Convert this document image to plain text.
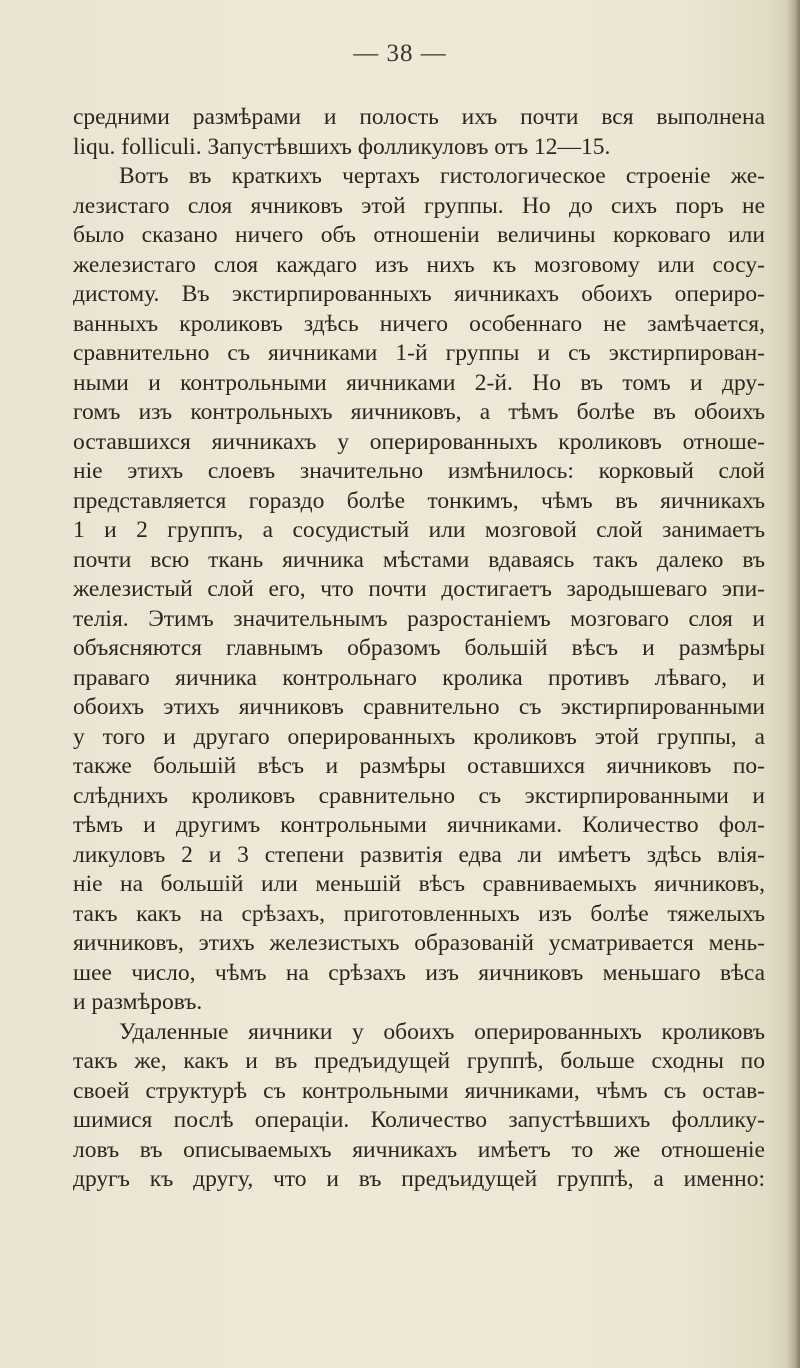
— 38 —
средними размѣрами и полость ихъ почти вся выполнена
liqu. folliculi. Запустѣвшихъ фолликуловъ отъ 12—15.
Вотъ въ краткихъ чертахъ гистологическое строеніе же-
лезистаго слоя ячниковъ этой группы. Но до сихъ поръ не
было сказано ничего объ отношеніи величины корковаго или
железистаго слоя каждаго изъ нихъ къ мозговому или сосу-
дистому. Въ экстирпированныхъ яичникахъ обоихъ опериро-
ванныхъ кроликовъ здѣсь ничего особеннаго не замѣчается,
сравнительно съ яичниками 1-й группы и съ экстирпирован-
ными и контрольными яичниками 2-й. Но въ томъ и дру-
гомъ изъ контрольныхъ яичниковъ, а тѣмъ болѣе въ обоихъ
оставшихся яичникахъ у оперированныхъ кроликовъ отноше-
ніе этихъ слоевъ значительно измѣнилось: корковый слой
представляется гораздо болѣе тонкимъ, чѣмъ въ яичникахъ
1 и 2 группъ, а сосудистый или мозговой слой занимаетъ
почти всю ткань яичника мѣстами вдаваясь такъ далеко въ
железистый слой его, что почти достигаетъ зародышеваго эпи-
телія. Этимъ значительнымъ разростаніемъ мозговаго слоя и
объясняются главнымъ образомъ большій вѣсъ и размѣры
праваго яичника контрольнаго кролика противъ лѣваго, и
обоихъ этихъ яичниковъ сравнительно съ экстирпированными
у того и другаго оперированныхъ кроликовъ этой группы, а
также большій вѣсъ и размѣры оставшихся яичниковъ по-
слѣднихъ кроликовъ сравнительно съ экстирпированными и
тѣмъ и другимъ контрольными яичниками. Количество фол-
ликуловъ 2 и 3 степени развитія едва ли имѣетъ здѣсь влія-
ніе на большій или меньшій вѣсъ сравниваемыхъ яичниковъ,
такъ какъ на срѣзахъ, приготовленныхъ изъ болѣе тяжелыхъ
яичниковъ, этихъ железистыхъ образованій усматривается мень-
шее число, чѣмъ на срѣзахъ изъ яичниковъ меньшаго вѣса
и размѣровъ.
Удаленные яичники у обоихъ оперированныхъ кроликовъ
такъ же, какъ и въ предъидущей группѣ, больше сходны по
своей структурѣ съ контрольными яичниками, чѣмъ съ остав-
шимися послѣ операціи. Количество запустѣвшихъ фоллику-
ловъ въ описываемыхъ яичникахъ имѣетъ то же отношеніе
другъ къ другу, что и въ предъидущей группѣ, а именно:
